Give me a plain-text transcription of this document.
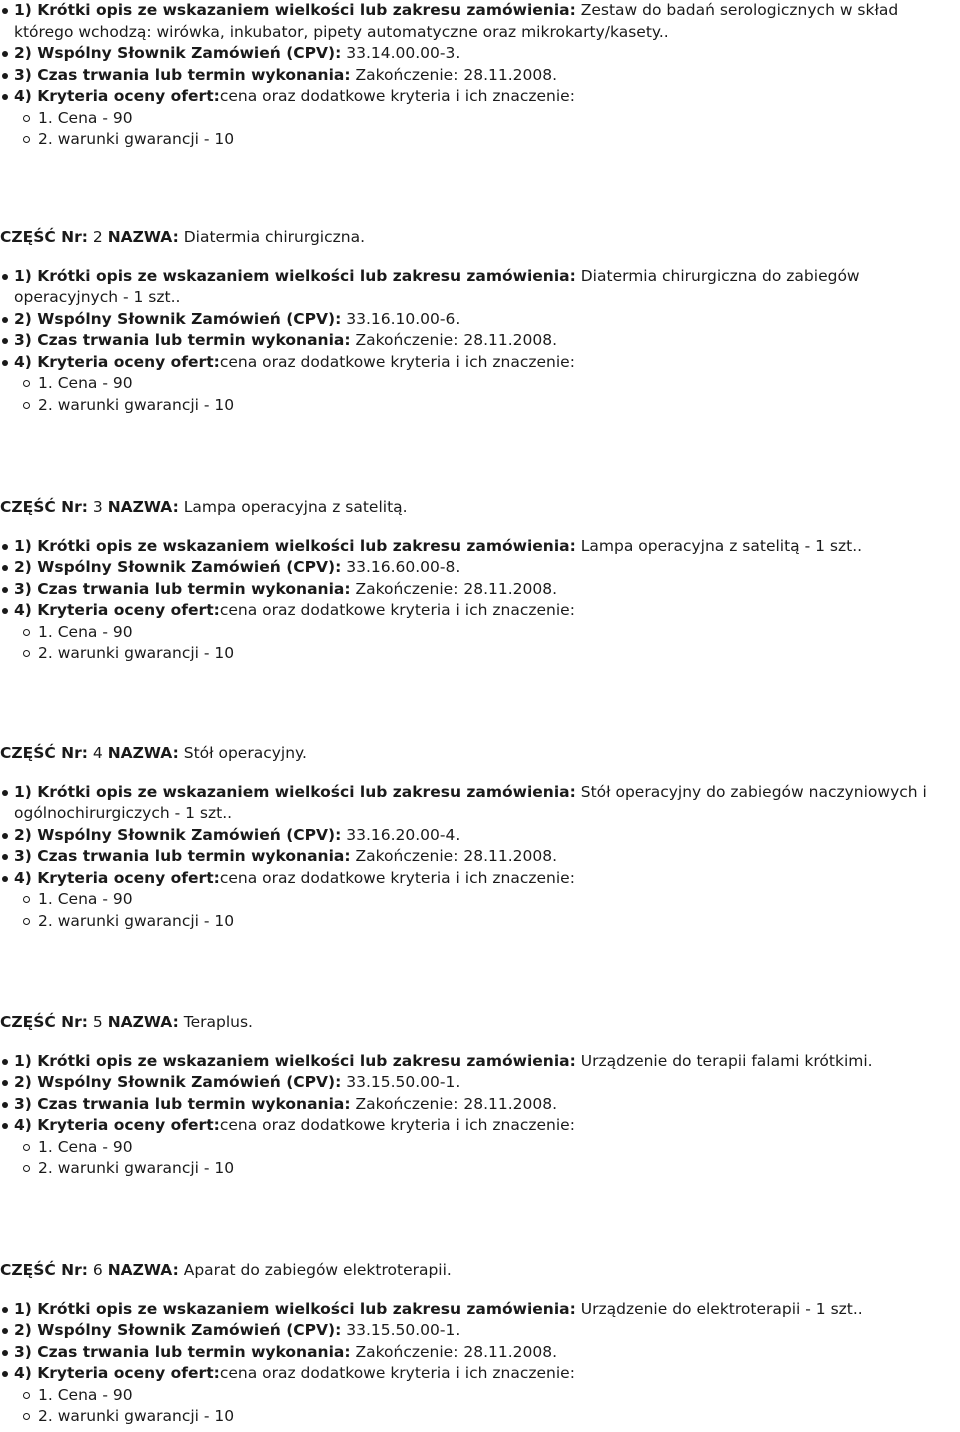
1) Krótki opis ze wskazaniem wielkości lub zakresu zamówienia: Zestaw do badań serologicznych w skład którego wchodzą: wirówka, inkubator, pipety automatyczne oraz mikrokarty/kasety..
2) Wspólny Słownik Zamówień (CPV): 33.14.00.00-3.
3) Czas trwania lub termin wykonania: Zakończenie: 28.11.2008.
4) Kryteria oceny ofert:cena oraz dodatkowe kryteria i ich znaczenie:
1. Cena - 90
2. warunki gwarancji - 10

CZĘŚĆ Nr: 2 NAZWA: Diatermia chirurgiczna.

1) Krótki opis ze wskazaniem wielkości lub zakresu zamówienia: Diatermia chirurgiczna do zabiegów operacyjnych - 1 szt..
2) Wspólny Słownik Zamówień (CPV): 33.16.10.00-6.
3) Czas trwania lub termin wykonania: Zakończenie: 28.11.2008.
4) Kryteria oceny ofert:cena oraz dodatkowe kryteria i ich znaczenie:
1. Cena - 90
2. warunki gwarancji - 10

CZĘŚĆ Nr: 3 NAZWA: Lampa operacyjna z satelitą.

1) Krótki opis ze wskazaniem wielkości lub zakresu zamówienia: Lampa operacyjna z satelitą - 1 szt..
2) Wspólny Słownik Zamówień (CPV): 33.16.60.00-8.
3) Czas trwania lub termin wykonania: Zakończenie: 28.11.2008.
4) Kryteria oceny ofert:cena oraz dodatkowe kryteria i ich znaczenie:
1. Cena - 90
2. warunki gwarancji - 10

CZĘŚĆ Nr: 4 NAZWA: Stół operacyjny.

1) Krótki opis ze wskazaniem wielkości lub zakresu zamówienia: Stół operacyjny do zabiegów naczyniowych i ogólnochirurgiczych - 1 szt..
2) Wspólny Słownik Zamówień (CPV): 33.16.20.00-4.
3) Czas trwania lub termin wykonania: Zakończenie: 28.11.2008.
4) Kryteria oceny ofert:cena oraz dodatkowe kryteria i ich znaczenie:
1. Cena - 90
2. warunki gwarancji - 10

CZĘŚĆ Nr: 5 NAZWA: Teraplus.

1) Krótki opis ze wskazaniem wielkości lub zakresu zamówienia: Urządzenie do terapii falami krótkimi.
2) Wspólny Słownik Zamówień (CPV): 33.15.50.00-1.
3) Czas trwania lub termin wykonania: Zakończenie: 28.11.2008.
4) Kryteria oceny ofert:cena oraz dodatkowe kryteria i ich znaczenie:
1. Cena - 90
2. warunki gwarancji - 10

CZĘŚĆ Nr: 6 NAZWA: Aparat do zabiegów elektroterapii.

1) Krótki opis ze wskazaniem wielkości lub zakresu zamówienia: Urządzenie do elektroterapii - 1 szt..
2) Wspólny Słownik Zamówień (CPV): 33.15.50.00-1.
3) Czas trwania lub termin wykonania: Zakończenie: 28.11.2008.
4) Kryteria oceny ofert:cena oraz dodatkowe kryteria i ich znaczenie:
1. Cena - 90
2. warunki gwarancji - 10
